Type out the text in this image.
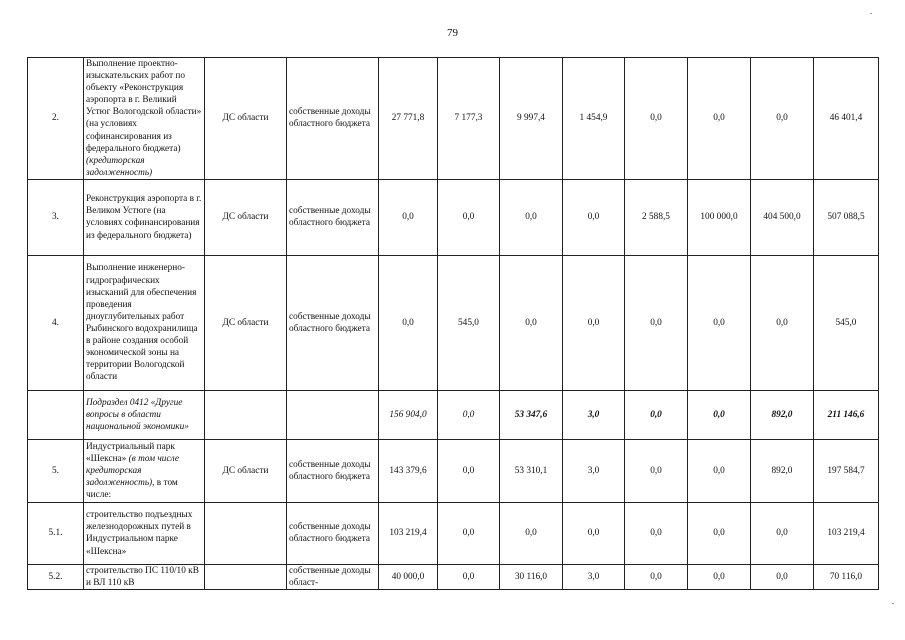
79
2.	Выполнение проектно-изыскательских работ по объекту «Реконструкция аэропорта в г. Великий Устюг Вологодской области» (на условиях софинансирования из федерального бюджета) (кредиторская задолженность)	ДС области	собственные доходы областного бюджета	27 771,8	7 177,3	9 997,4	1 454,9	0,0	0,0	0,0	46 401,4
3.	Реконструкция аэропорта в г. Великом Устюге (на условиях софинансирования из федерального бюджета)	ДС области	собственные доходы областного бюджета	0,0	0,0	0,0	0,0	2 588,5	100 000,0	404 500,0	507 088,5
4.	Выполнение инженерно-гидрографических изысканий для обеспечения проведения дноуглубительных работ Рыбинского водохранилища в районе создания особой экономической зоны на территории Вологодской области	ДС области	собственные доходы областного бюджета	0,0	545,0	0,0	0,0	0,0	0,0	0,0	545,0
	Подраздел 0412 «Другие вопросы в области национальной экономики»			156 904,0	0,0	53 347,6	3,0	0,0	0,0	892,0	211 146,6
5.	Индустриальный парк «Шексна» (в том числе кредиторская задолженность), в том числе:	ДС области	собственные доходы областного бюджета	143 379,6	0,0	53 310,1	3,0	0,0	0,0	892,0	197 584,7
5.1.	строительство подъездных железнодорожных путей в Индустриальном парке «Шексна»		собственные доходы областного бюджета	103 219,4	0,0	0,0	0,0	0,0	0,0	0,0	103 219,4
5.2.	строительство ПС 110/10 кВ и ВЛ 110 кВ		собственные доходы област-	40 000,0	0,0	30 116,0	3,0	0,0	0,0	0,0	70 116,0
